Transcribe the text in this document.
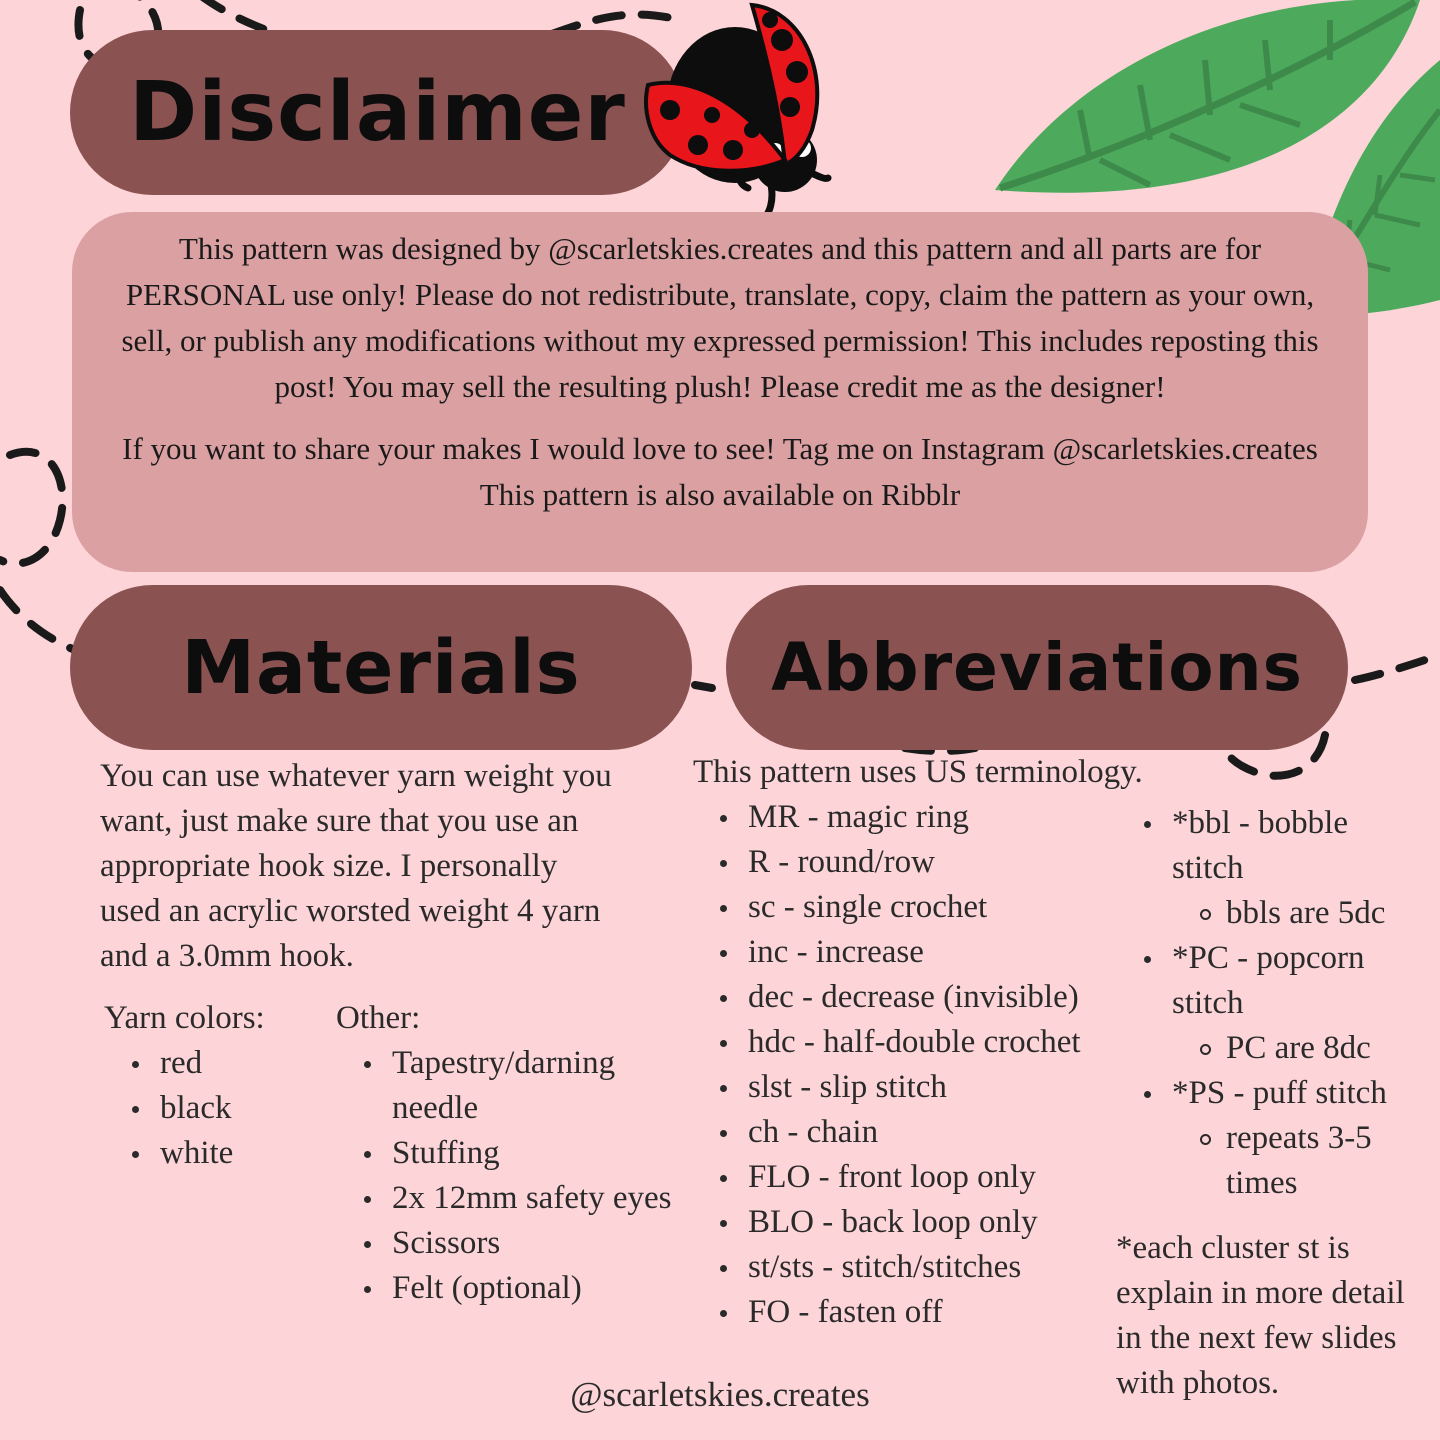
Disclaimer

This pattern was designed by @scarletskies.creates and this pattern and all parts are for PERSONAL use only! Please do not redistribute, translate, copy, claim the pattern as your own, sell, or publish any modifications without my expressed permission! This includes reposting this post! You may sell the resulting plush! Please credit me as the designer!

If you want to share your makes I would love to see! Tag me on Instagram @scarletskies.creates This pattern is also available on Ribblr

Materials	Abbreviations
You can use whatever yarn weight you want, just make sure that you use an appropriate hook size. I personally used an acrylic worsted weight 4 yarn and a 3.0mm hook.
Yarn colors:
red
black
white
Other:
Tapestry/darning needle
Stuffing
2x 12mm safety eyes
Scissors
Felt (optional)
This pattern uses US terminology.
MR - magic ring
R - round/row
sc - single crochet
inc - increase
dec - decrease (invisible)
hdc - half-double crochet
slst - slip stitch
ch - chain
FLO - front loop only
BLO - back loop only
st/sts - stitch/stitches
FO - fasten off
*bbl - bobble stitch
bbls are 5dc
*PC - popcorn stitch
PC are 8dc
*PS - puff stitch
repeats 3-5 times
*each cluster st is explain in more detail in the next few slides with photos.
@scarletskies.creates
